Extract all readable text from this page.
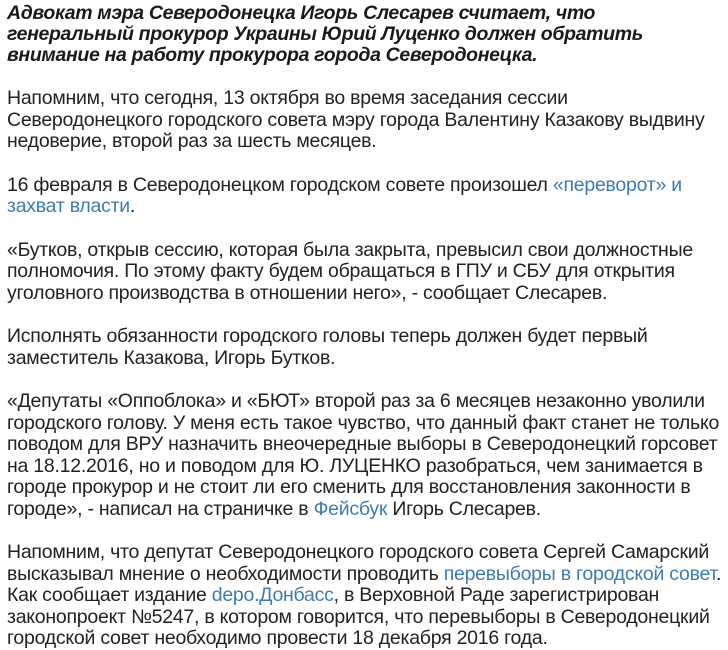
Адвокат мэра Северодонецка Игорь Слесарев считает, что генеральный прокурор Украины Юрий Луценко должен обратить внимание на работу прокурора города Северодонецка.

Напомним, что сегодня, 13 октября во время заседания сессии Северодонецкого городского совета мэру города Валентину Казакову выдвину недоверие, второй раз за шесть месяцев.

16 февраля в Северодонецком городском совете произошел «переворот» и захват власти.

«Бутков, открыв сессию, которая была закрыта, превысил свои должностные полномочия. По этому факту будем обращаться в ГПУ и СБУ для открытия уголовного производства в отношении него», - сообщает Слесарев.

Исполнять обязанности городского головы теперь должен будет первый заместитель Казакова, Игорь Бутков.

«Депутаты «Оппоблока» и «БЮТ» второй раз за 6 месяцев незаконно уволили городского голову. У меня есть такое чувство, что данный факт станет не только поводом для ВРУ назначить внеочередные выборы в Северодонецкий горсовет на 18.12.2016, но и поводом для Ю. ЛУЦЕНКО разобраться, чем занимается в городе прокурор и не стоит ли его сменить для восстановления законности в городе», - написал на страничке в Фейсбук Игорь Слесарев.

Напомним, что депутат Северодонецкого городского совета Сергей Самарский высказывал мнение о необходимости проводить перевыборы в городской совет. Как сообщает издание depo.Донбасс, в Верховной Раде зарегистрирован законопроект №5247, в котором говорится, что перевыборы в Северодонецкий городской совет необходимо провести 18 декабря 2016 года.
